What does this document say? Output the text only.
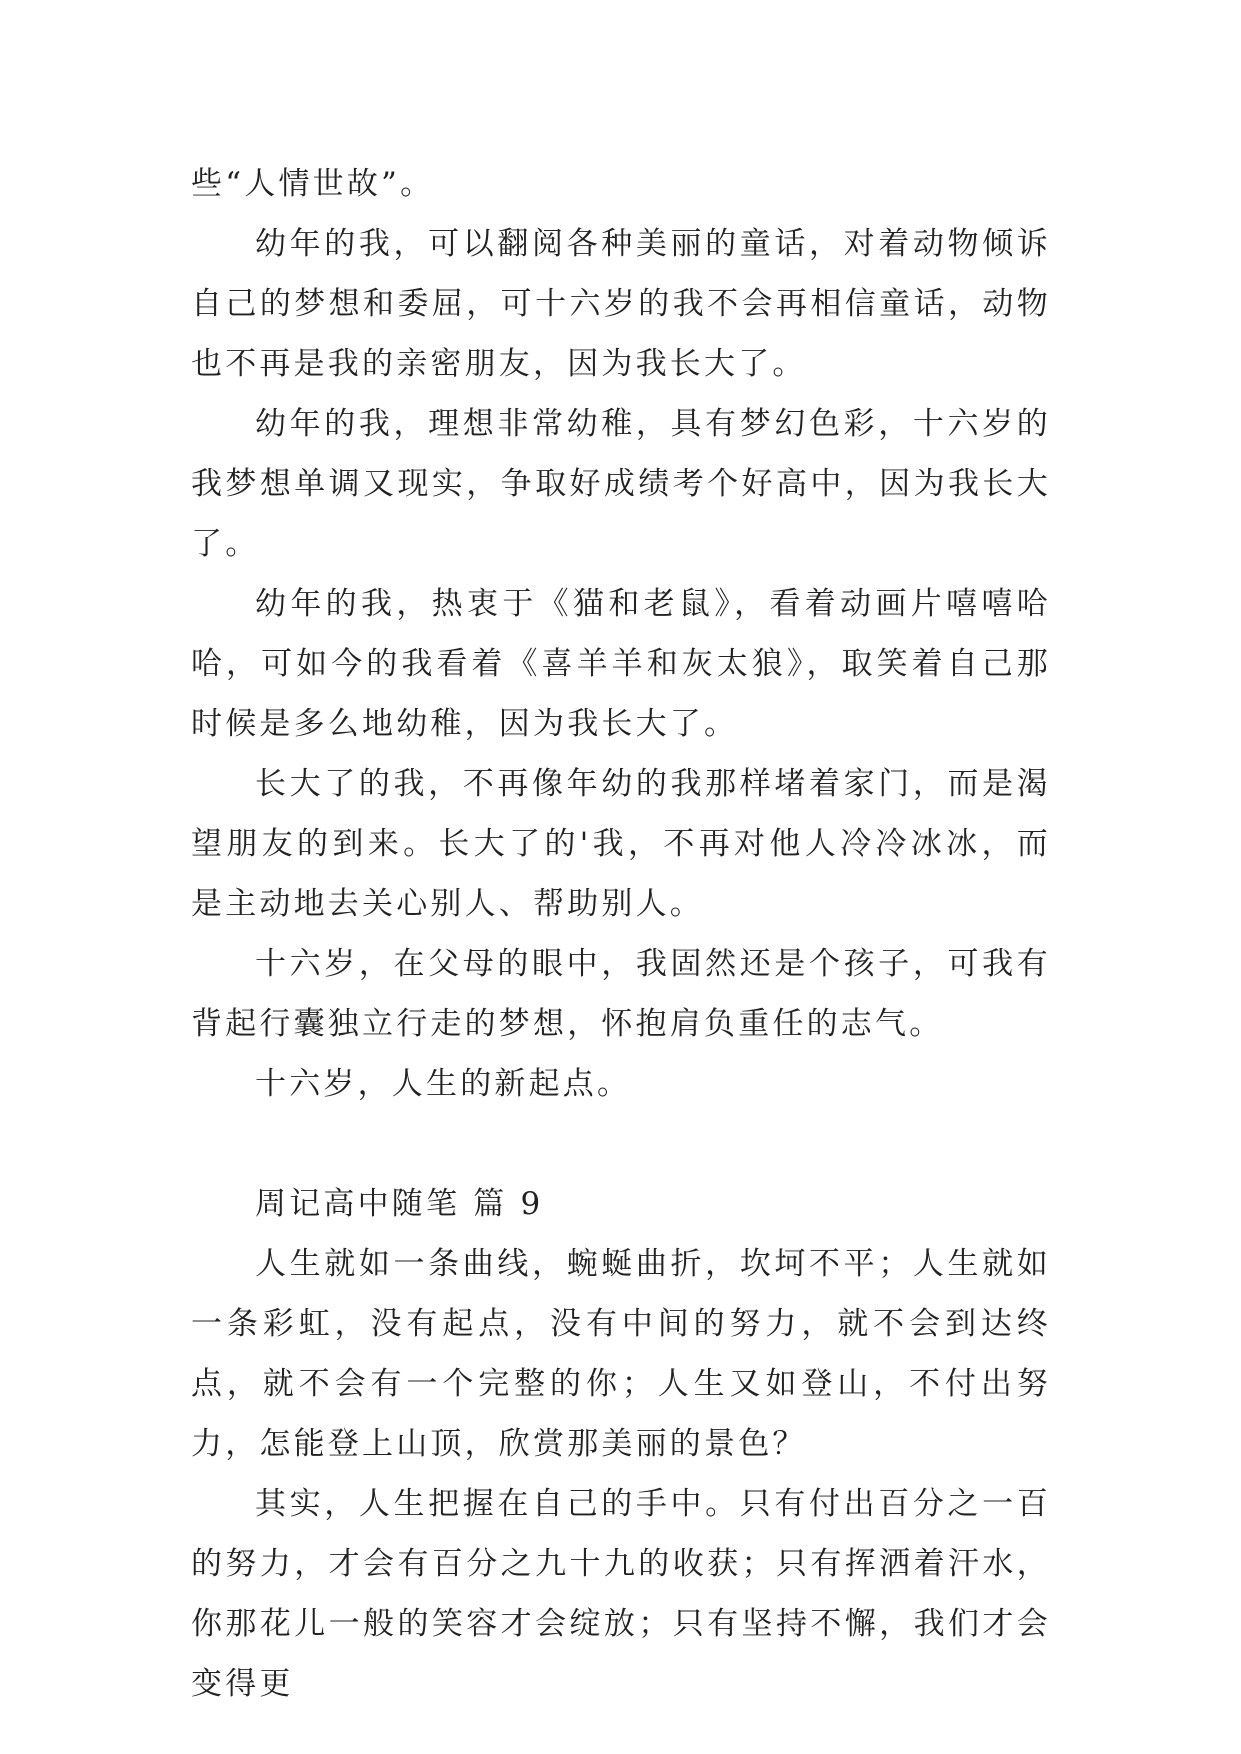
些“人情世故”。

幼年的我，可以翻阅各种美丽的童话，对着动物倾诉自己的梦想和委屈，可十六岁的我不会再相信童话，动物也不再是我的亲密朋友，因为我长大了。

幼年的我，理想非常幼稚，具有梦幻色彩，十六岁的我梦想单调又现实，争取好成绩考个好高中，因为我长大了。

幼年的我，热衷于《猫和老鼠》，看着动画片嘻嘻哈哈，可如今的我看着《喜羊羊和灰太狼》，取笑着自己那时候是多么地幼稚，因为我长大了。

长大了的我，不再像年幼的我那样堵着家门，而是渴望朋友的到来。长大了的'我，不再对他人冷冷冰冰，而是主动地去关心别人、帮助别人。

十六岁，在父母的眼中，我固然还是个孩子，可我有背起行囊独立行走的梦想，怀抱肩负重任的志气。

十六岁，人生的新起点。

周记高中随笔 篇 9

人生就如一条曲线，蜿蜒曲折，坎坷不平；人生就如一条彩虹，没有起点，没有中间的努力，就不会到达终点，就不会有一个完整的你；人生又如登山，不付出努力，怎能登上山顶，欣赏那美丽的景色？

其实，人生把握在自己的手中。只有付出百分之一百的努力，才会有百分之九十九的收获；只有挥洒着汗水，你那花儿一般的笑容才会绽放；只有坚持不懈，我们才会变得更
